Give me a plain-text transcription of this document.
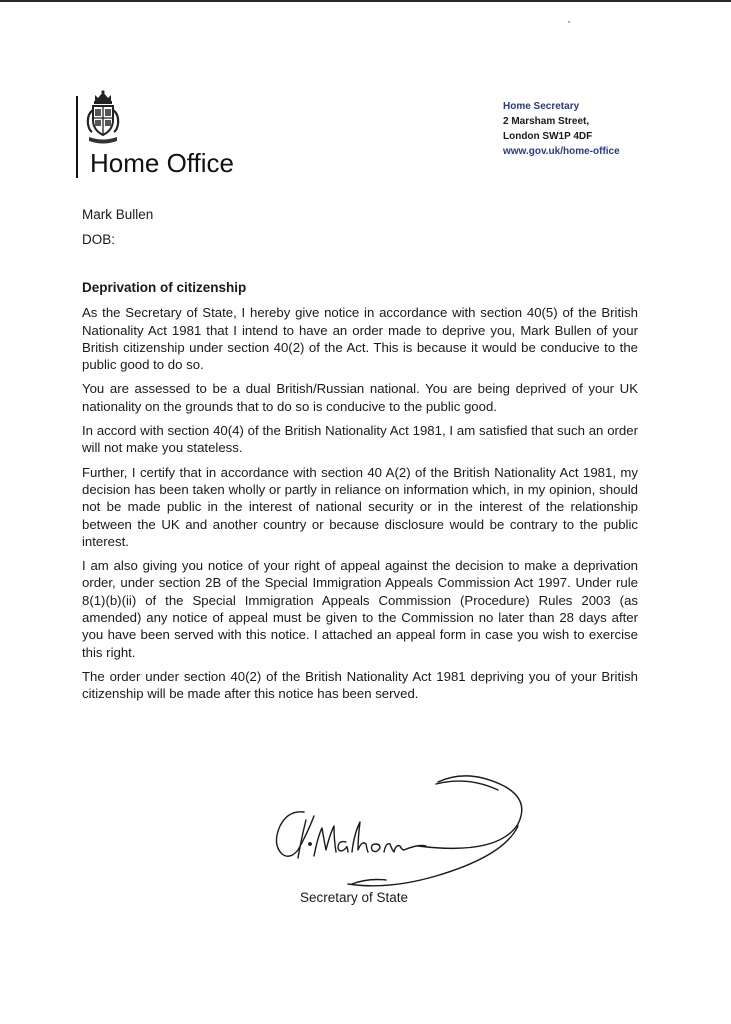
Home Office
Home Secretary
2 Marsham Street,
London SW1P 4DF
www.gov.uk/home-office
Mark Bullen
DOB:

Deprivation of citizenship

As the Secretary of State, I hereby give notice in accordance with section 40(5) of the British Nationality Act 1981 that I intend to have an order made to deprive you, Mark Bullen of your British citizenship under section 40(2) of the Act. This is because it would be conducive to the public good to do so.

You are assessed to be a dual British/Russian national. You are being deprived of your UK nationality on the grounds that to do so is conducive to the public good.

In accord with section 40(4) of the British Nationality Act 1981, I am satisfied that such an order will not make you stateless.

Further, I certify that in accordance with section 40 A(2) of the British Nationality Act 1981, my decision has been taken wholly or partly in reliance on information which, in my opinion, should not be made public in the interest of national security or in the interest of the relationship between the UK and another country or because disclosure would be contrary to the public interest.

I am also giving you notice of your right of appeal against the decision to make a deprivation order, under section 2B of the Special Immigration Appeals Commission Act 1997. Under rule 8(1)(b)(ii) of the Special Immigration Appeals Commission (Procedure) Rules 2003 (as amended) any notice of appeal must be given to the Commission no later than 28 days after you have been served with this notice. I attached an appeal form in case you wish to exercise this right.

The order under section 40(2) of the British Nationality Act 1981 depriving you of your British citizenship will be made after this notice has been served.

Secretary of State
